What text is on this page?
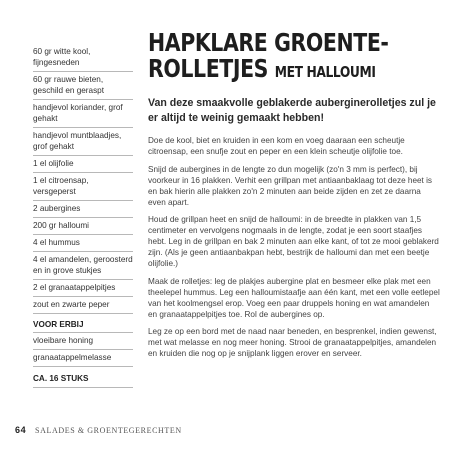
60 gr witte kool, fijngesneden
60 gr rauwe bieten, geschild en geraspt
handjevol koriander, grof gehakt
handjevol muntblaadjes, grof gehakt
1 el olijfolie
1 el citroensap, versgeperst
2 aubergines
200 gr halloumi
4 el hummus
4 el amandelen, geroosterd en in grove stukjes
2 el granaatappelpitjes
zout en zwarte peper
VOOR ERBIJ
vloeibare honing
granaatappelmelasse
CA. 16 STUKS
HAPKLARE GROENTE-
ROLLETJES MET HALLOUMI
Van deze smaakvolle geblakerde auberginerolletjes zul je er altijd te weinig gemaakt hebben!

Doe de kool, biet en kruiden in een kom en voeg daaraan een scheutje citroensap, een snufje zout en peper en een klein scheutje olijfolie toe.

Snijd de aubergines in de lengte zo dun mogelijk (zo'n 3 mm is perfect), bij voorkeur in 16 plakken. Verhit een grillpan met antiaanbaklaag tot deze heet is en bak hierin alle plakken zo'n 2 minuten aan beide zijden en zet ze daarna even apart.

Houd de grillpan heet en snijd de halloumi: in de breedte in plakken van 1,5 centimeter en vervolgens nogmaals in de lengte, zodat je een soort staafjes hebt. Leg in de grillpan en bak 2 minuten aan elke kant, of tot ze mooi geblakerd zijn. (Als je geen antiaanbakpan hebt, bestrijk de halloumi dan met een beetje olijfolie.)

Maak de rolletjes: leg de plakjes aubergine plat en besmeer elke plak met een theelepel hummus. Leg een halloumistaafje aan één kant, met een volle eetlepel van het koolmengsel erop. Voeg een paar druppels honing en wat amandelen en granaatappelpitjes toe. Rol de aubergines op.

Leg ze op een bord met de naad naar beneden, en besprenkel, indien gewenst, met wat melasse en nog meer honing. Strooi de granaatappelpitjes, amandelen en kruiden die nog op je snijplank liggen erover en serveer.

64 SALADES & GROENTEGERECHTEN
